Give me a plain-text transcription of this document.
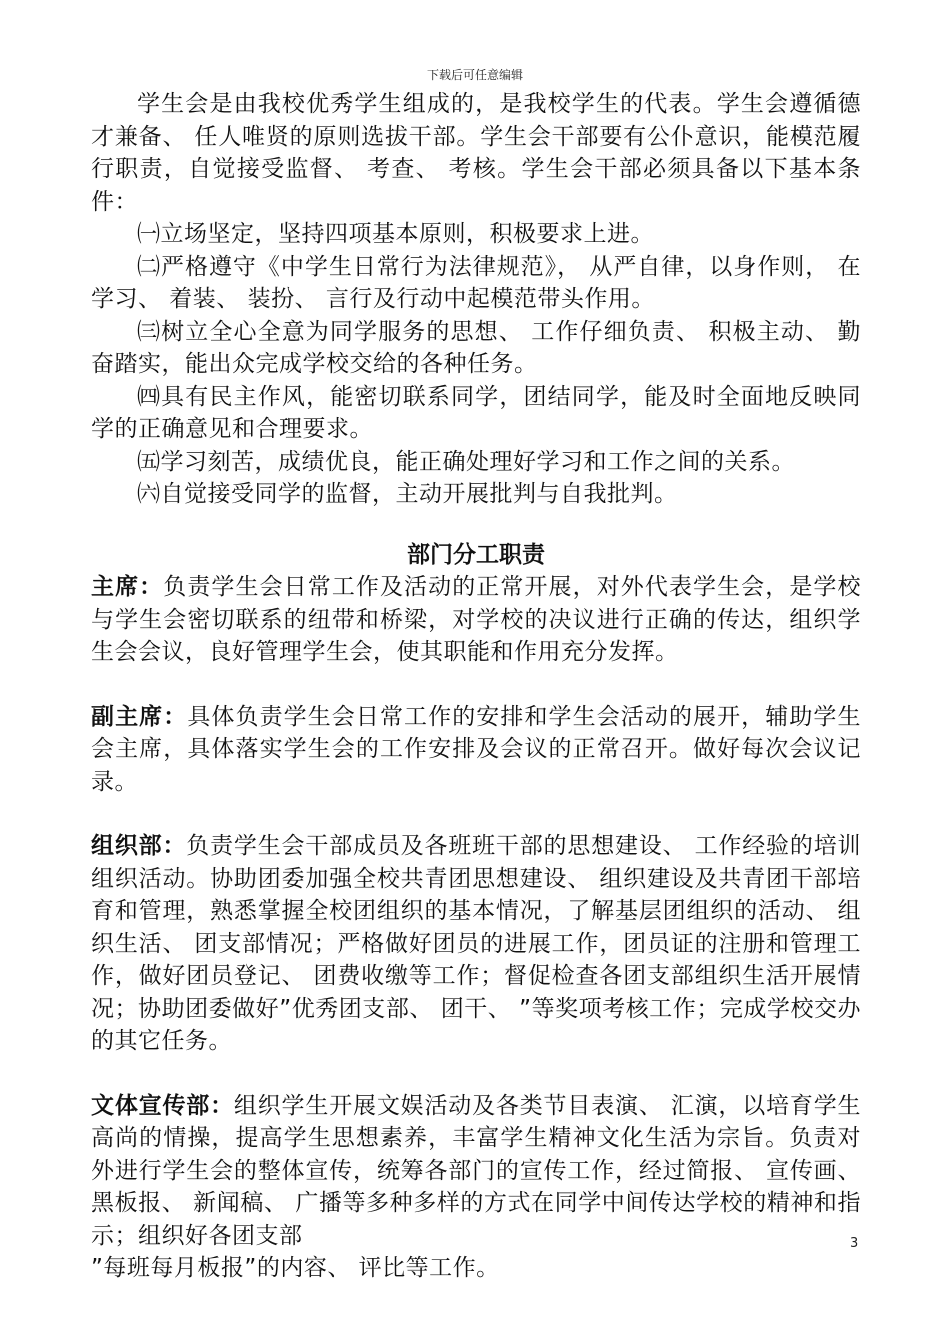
下载后可任意编辑

学生会是由我校优秀学生组成的，是我校学生的代表。学生会遵循德才兼备、 任人唯贤的原则选拔干部。学生会干部要有公仆意识，能模范履行职责，自觉接受监督、 考查、 考核。学生会干部必须具备以下基本条件：

㈠立场坚定，坚持四项基本原则，积极要求上进。

㈡严格遵守《中学生日常行为法律规范》， 从严自律，以身作则， 在学习、 着装、 装扮、 言行及行动中起模范带头作用。

㈢树立全心全意为同学服务的思想、 工作仔细负责、 积极主动、 勤奋踏实，能出众完成学校交给的各种任务。

㈣具有民主作风，能密切联系同学，团结同学，能及时全面地反映同学的正确意见和合理要求。

㈤学习刻苦，成绩优良，能正确处理好学习和工作之间的关系。

㈥自觉接受同学的监督，主动开展批判与自我批判。

部门分工职责

主席：负责学生会日常工作及活动的正常开展，对外代表学生会，是学校与学生会密切联系的纽带和桥梁，对学校的决议进行正确的传达，组织学生会会议，良好管理学生会，使其职能和作用充分发挥。

副主席：具体负责学生会日常工作的安排和学生会活动的展开，辅助学生会主席，具体落实学生会的工作安排及会议的正常召开。做好每次会议记录。

组织部：负责学生会干部成员及各班班干部的思想建设、 工作经验的培训组织活动。协助团委加强全校共青团思想建设、 组织建设及共青团干部培育和管理，熟悉掌握全校团组织的基本情况，了解基层团组织的活动、 组织生活、 团支部情况；严格做好团员的进展工作，团员证的注册和管理工作，做好团员登记、 团费收缴等工作；督促检查各团支部组织生活开展情况；协助团委做好”优秀团支部、 团干、 ”等奖项考核工作；完成学校交办的其它任务。

文体宣传部：组织学生开展文娱活动及各类节目表演、 汇演，以培育学生高尚的情操，提高学生思想素养，丰富学生精神文化生活为宗旨。负责对外进行学生会的整体宣传，统筹各部门的宣传工作，经过简报、 宣传画、 黑板报、 新闻稿、 广播等多种多样的方式在同学中间传达学校的精神和指示；组织好各团支部

”每班每月板报”的内容、 评比等工作。

3
